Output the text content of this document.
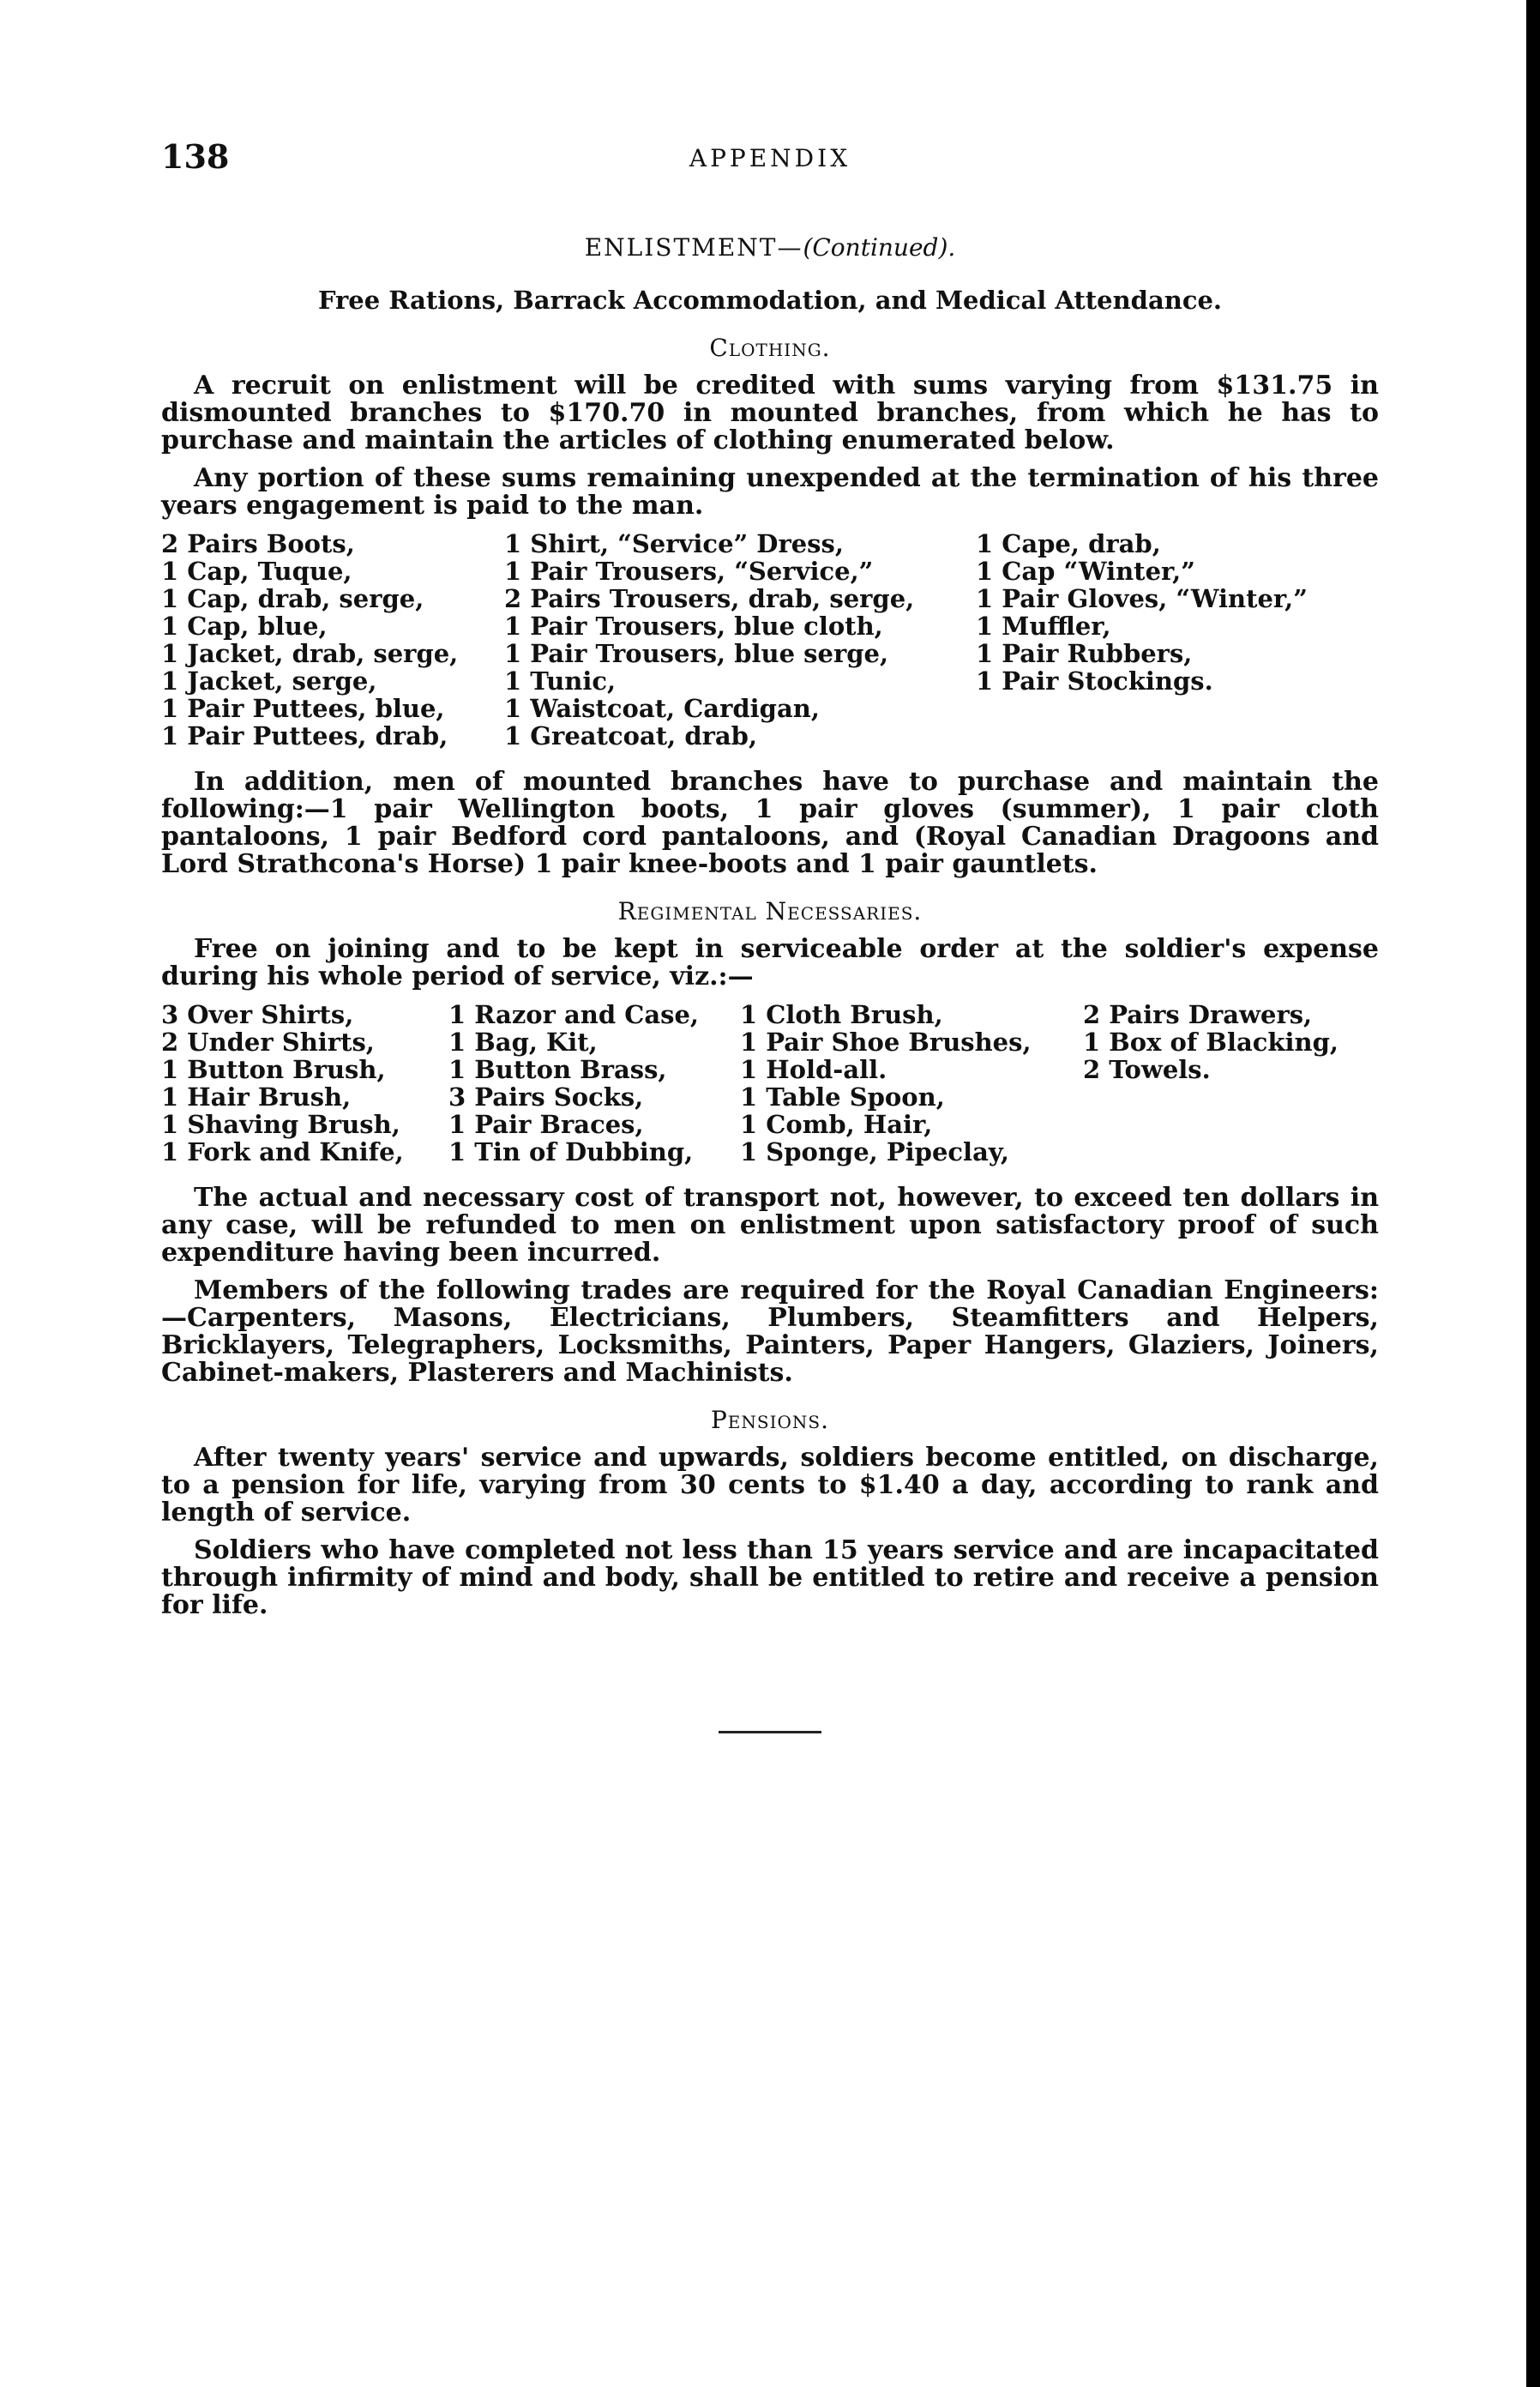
138	APPENDIX
ENLISTMENT—(Continued).
Free Rations, Barrack Accommodation, and Medical Attendance.
Clothing.

A recruit on enlistment will be credited with sums varying from $131.75 in dismounted branches to $170.70 in mounted branches, from which he has to purchase and maintain the articles of clothing enumerated below.

Any portion of these sums remaining unexpended at the termination of his three years engagement is paid to the man.

2 Pairs Boots,	1 Shirt, “Service” Dress,	1 Cape, drab,
1 Cap, Tuque,	1 Pair Trousers, “Service,”	1 Cap “Winter,”
1 Cap, drab, serge,	2 Pairs Trousers, drab, serge,	1 Pair Gloves, “Winter,”
1 Cap, blue,	1 Pair Trousers, blue cloth,	1 Muffler,
1 Jacket, drab, serge,	1 Pair Trousers, blue serge,	1 Pair Rubbers,
1 Jacket, serge,	1 Tunic,	1 Pair Stockings.
1 Pair Puttees, blue,	1 Waistcoat, Cardigan,
1 Pair Puttees, drab,	1 Greatcoat, drab,

In addition, men of mounted branches have to purchase and maintain the following:—1 pair Wellington boots, 1 pair gloves (summer), 1 pair cloth pantaloons, 1 pair Bedford cord pantaloons, and (Royal Canadian Dragoons and Lord Strathcona's Horse) 1 pair knee-boots and 1 pair gauntlets.

Regimental Necessaries.

Free on joining and to be kept in serviceable order at the soldier's expense during his whole period of service, viz.:—

3 Over Shirts,	1 Razor and Case,	1 Cloth Brush,	2 Pairs Drawers,
2 Under Shirts,	1 Bag, Kit,	1 Pair Shoe Brushes,	1 Box of Blacking,
1 Button Brush,	1 Button Brass,	1 Hold-all.	2 Towels.
1 Hair Brush,	3 Pairs Socks,	1 Table Spoon,
1 Shaving Brush,	1 Pair Braces,	1 Comb, Hair,
1 Fork and Knife,	1 Tin of Dubbing,	1 Sponge, Pipeclay,

The actual and necessary cost of transport not, however, to exceed ten dollars in any case, will be refunded to men on enlistment upon satisfactory proof of such expenditure having been incurred.

Members of the following trades are required for the Royal Canadian Engineers:—Carpenters, Masons, Electricians, Plumbers, Steamfitters and Helpers, Bricklayers, Telegraphers, Locksmiths, Painters, Paper Hangers, Glaziers, Joiners, Cabinet-makers, Plasterers and Machinists.

Pensions.

After twenty years' service and upwards, soldiers become entitled, on discharge, to a pension for life, varying from 30 cents to $1.40 a day, according to rank and length of service.

Soldiers who have completed not less than 15 years service and are incapacitated through infirmity of mind and body, shall be entitled to retire and receive a pension for life.
